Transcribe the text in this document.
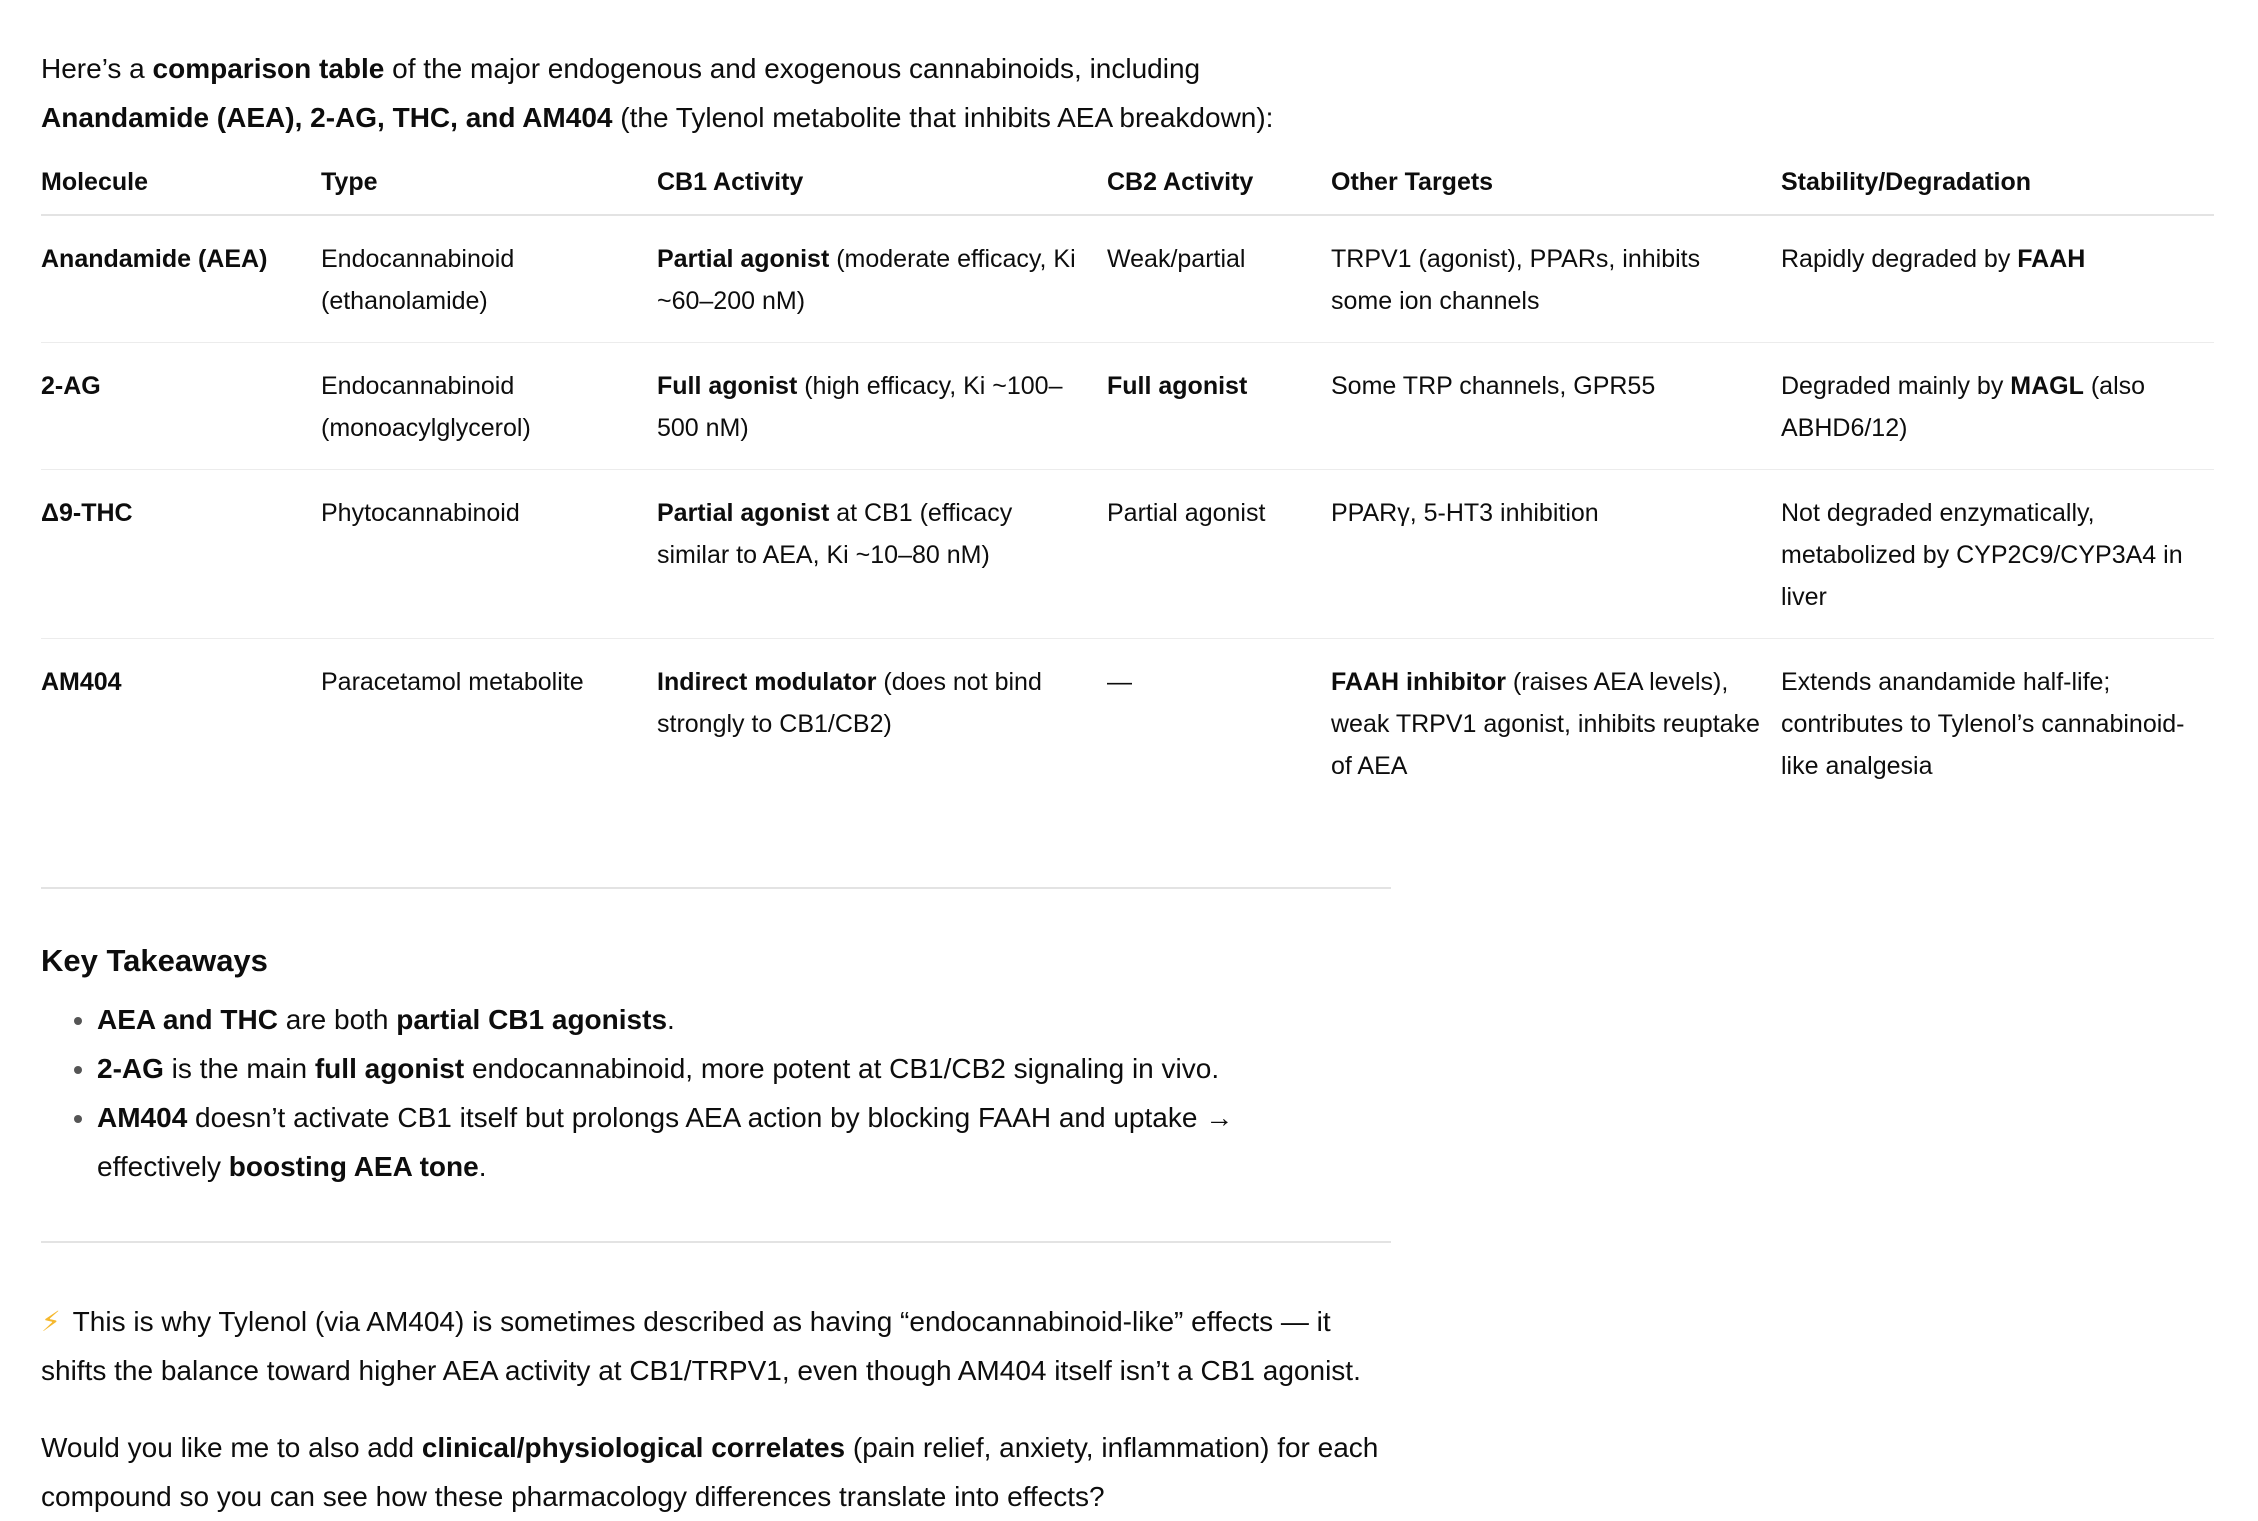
Here’s a comparison table of the major endogenous and exogenous cannabinoids, including
Anandamide (AEA), 2-AG, THC, and AM404 (the Tylenol metabolite that inhibits AEA breakdown):

Molecule	Type	CB1 Activity	CB2 Activity	Other Targets	Stability/Degradation
Anandamide (AEA)	Endocannabinoid (ethanolamide)	Partial agonist (moderate efficacy, Ki ~60–200 nM)	Weak/partial	TRPV1 (agonist), PPARs, inhibits some ion channels	Rapidly degraded by FAAH
2-AG	Endocannabinoid (monoacylglycerol)	Full agonist (high efficacy, Ki ~100–500 nM)	Full agonist	Some TRP channels, GPR55	Degraded mainly by MAGL (also ABHD6/12)
Δ9-THC	Phytocannabinoid	Partial agonist at CB1 (efficacy similar to AEA, Ki ~10–80 nM)	Partial agonist	PPARγ, 5-HT3 inhibition	Not degraded enzymatically, metabolized by CYP2C9/CYP3A4 in liver
AM404	Paracetamol metabolite	Indirect modulator (does not bind strongly to CB1/CB2)	—	FAAH inhibitor (raises AEA levels), weak TRPV1 agonist, inhibits reuptake of AEA	Extends anandamide half-life; contributes to Tylenol’s cannabinoid-like analgesia
Key Takeaways
• AEA and THC are both partial CB1 agonists.
• 2-AG is the main full agonist endocannabinoid, more potent at CB1/CB2 signaling in vivo.
• AM404 doesn’t activate CB1 itself but prolongs AEA action by blocking FAAH and uptake → effectively boosting AEA tone.

⚡ This is why Tylenol (via AM404) is sometimes described as having “endocannabinoid-like” effects — it shifts the balance toward higher AEA activity at CB1/TRPV1, even though AM404 itself isn’t a CB1 agonist.

Would you like me to also add clinical/physiological correlates (pain relief, anxiety, inflammation) for each compound so you can see how these pharmacology differences translate into effects?
